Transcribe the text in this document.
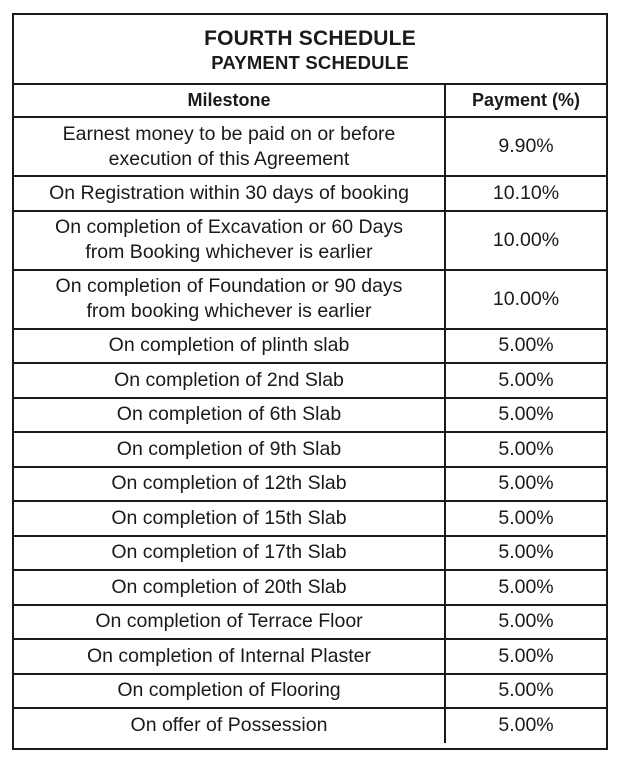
FOURTH SCHEDULE
PAYMENT SCHEDULE
Milestone	Payment (%)
Earnest money to be paid on or before
execution of this Agreement	9.90%
On Registration within 30 days of booking	10.10%
On completion of Excavation or 60 Days
from Booking whichever is earlier	10.00%
On completion of Foundation or 90 days
from booking whichever is earlier	10.00%
On completion of plinth slab	5.00%
On completion of 2nd Slab	5.00%
On completion of 6th Slab	5.00%
On completion of 9th Slab	5.00%
On completion of 12th Slab	5.00%
On completion of 15th Slab	5.00%
On completion of 17th Slab	5.00%
On completion of 20th Slab	5.00%
On completion of Terrace Floor	5.00%
On completion of Internal Plaster	5.00%
On completion of Flooring	5.00%
On offer of Possession	5.00%
